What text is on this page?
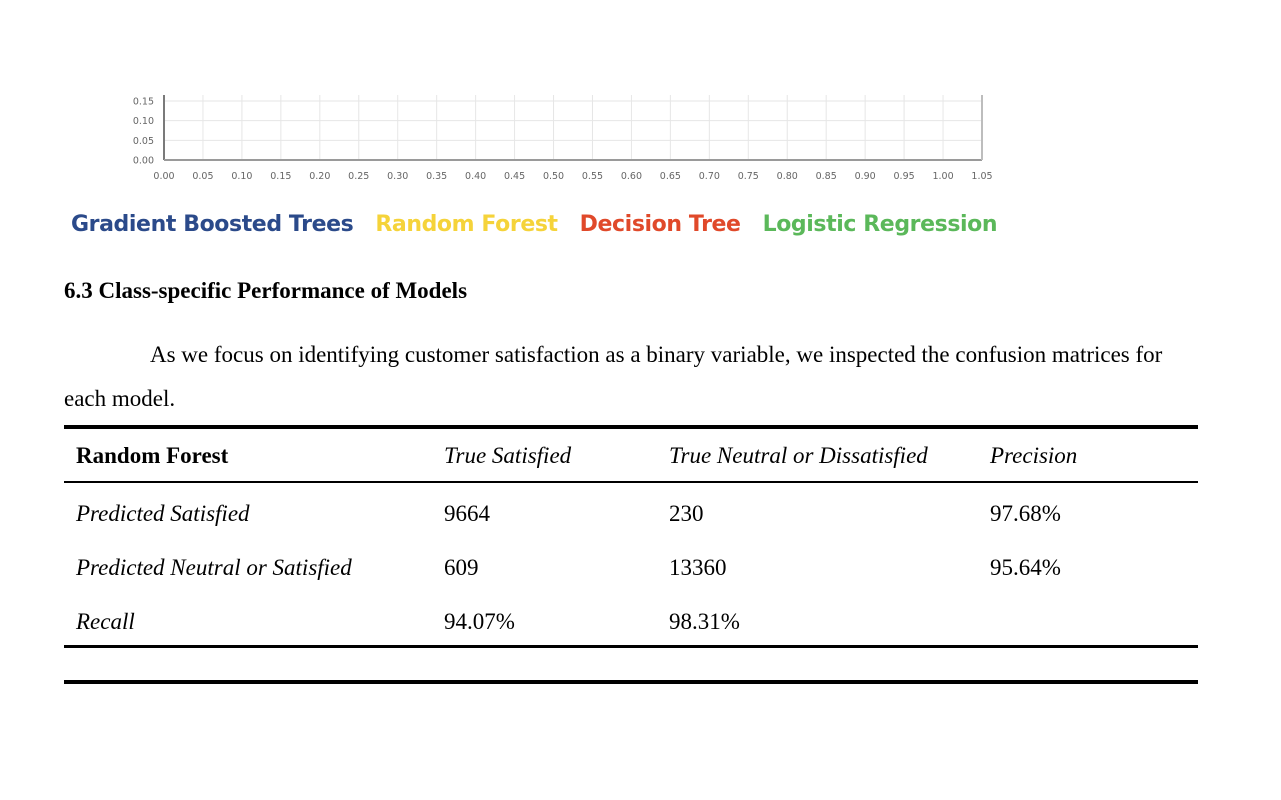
0.00 0.05 0.10 0.15 0.20 0.25 0.30 0.35 0.40 0.45 0.50 0.55 0.60 0.65 0.70 0.75 0.80 0.85 0.90 0.95 1.00 1.05
0.00
0.05
0.10
0.15
Gradient Boosted Trees Random Forest Decision Tree Logistic Regression
6.3 Class-specific Performance of Models
As we focus on identifying customer satisfaction as a binary variable, we inspected the confusion matrices for each model.
Random Forest	True Satisfied	True Neutral or Dissatisfied	Precision
Predicted Satisfied	9664	230	97.68%
Predicted Neutral or Satisfied	609	13360	95.64%
Recall	94.07%	98.31%	
